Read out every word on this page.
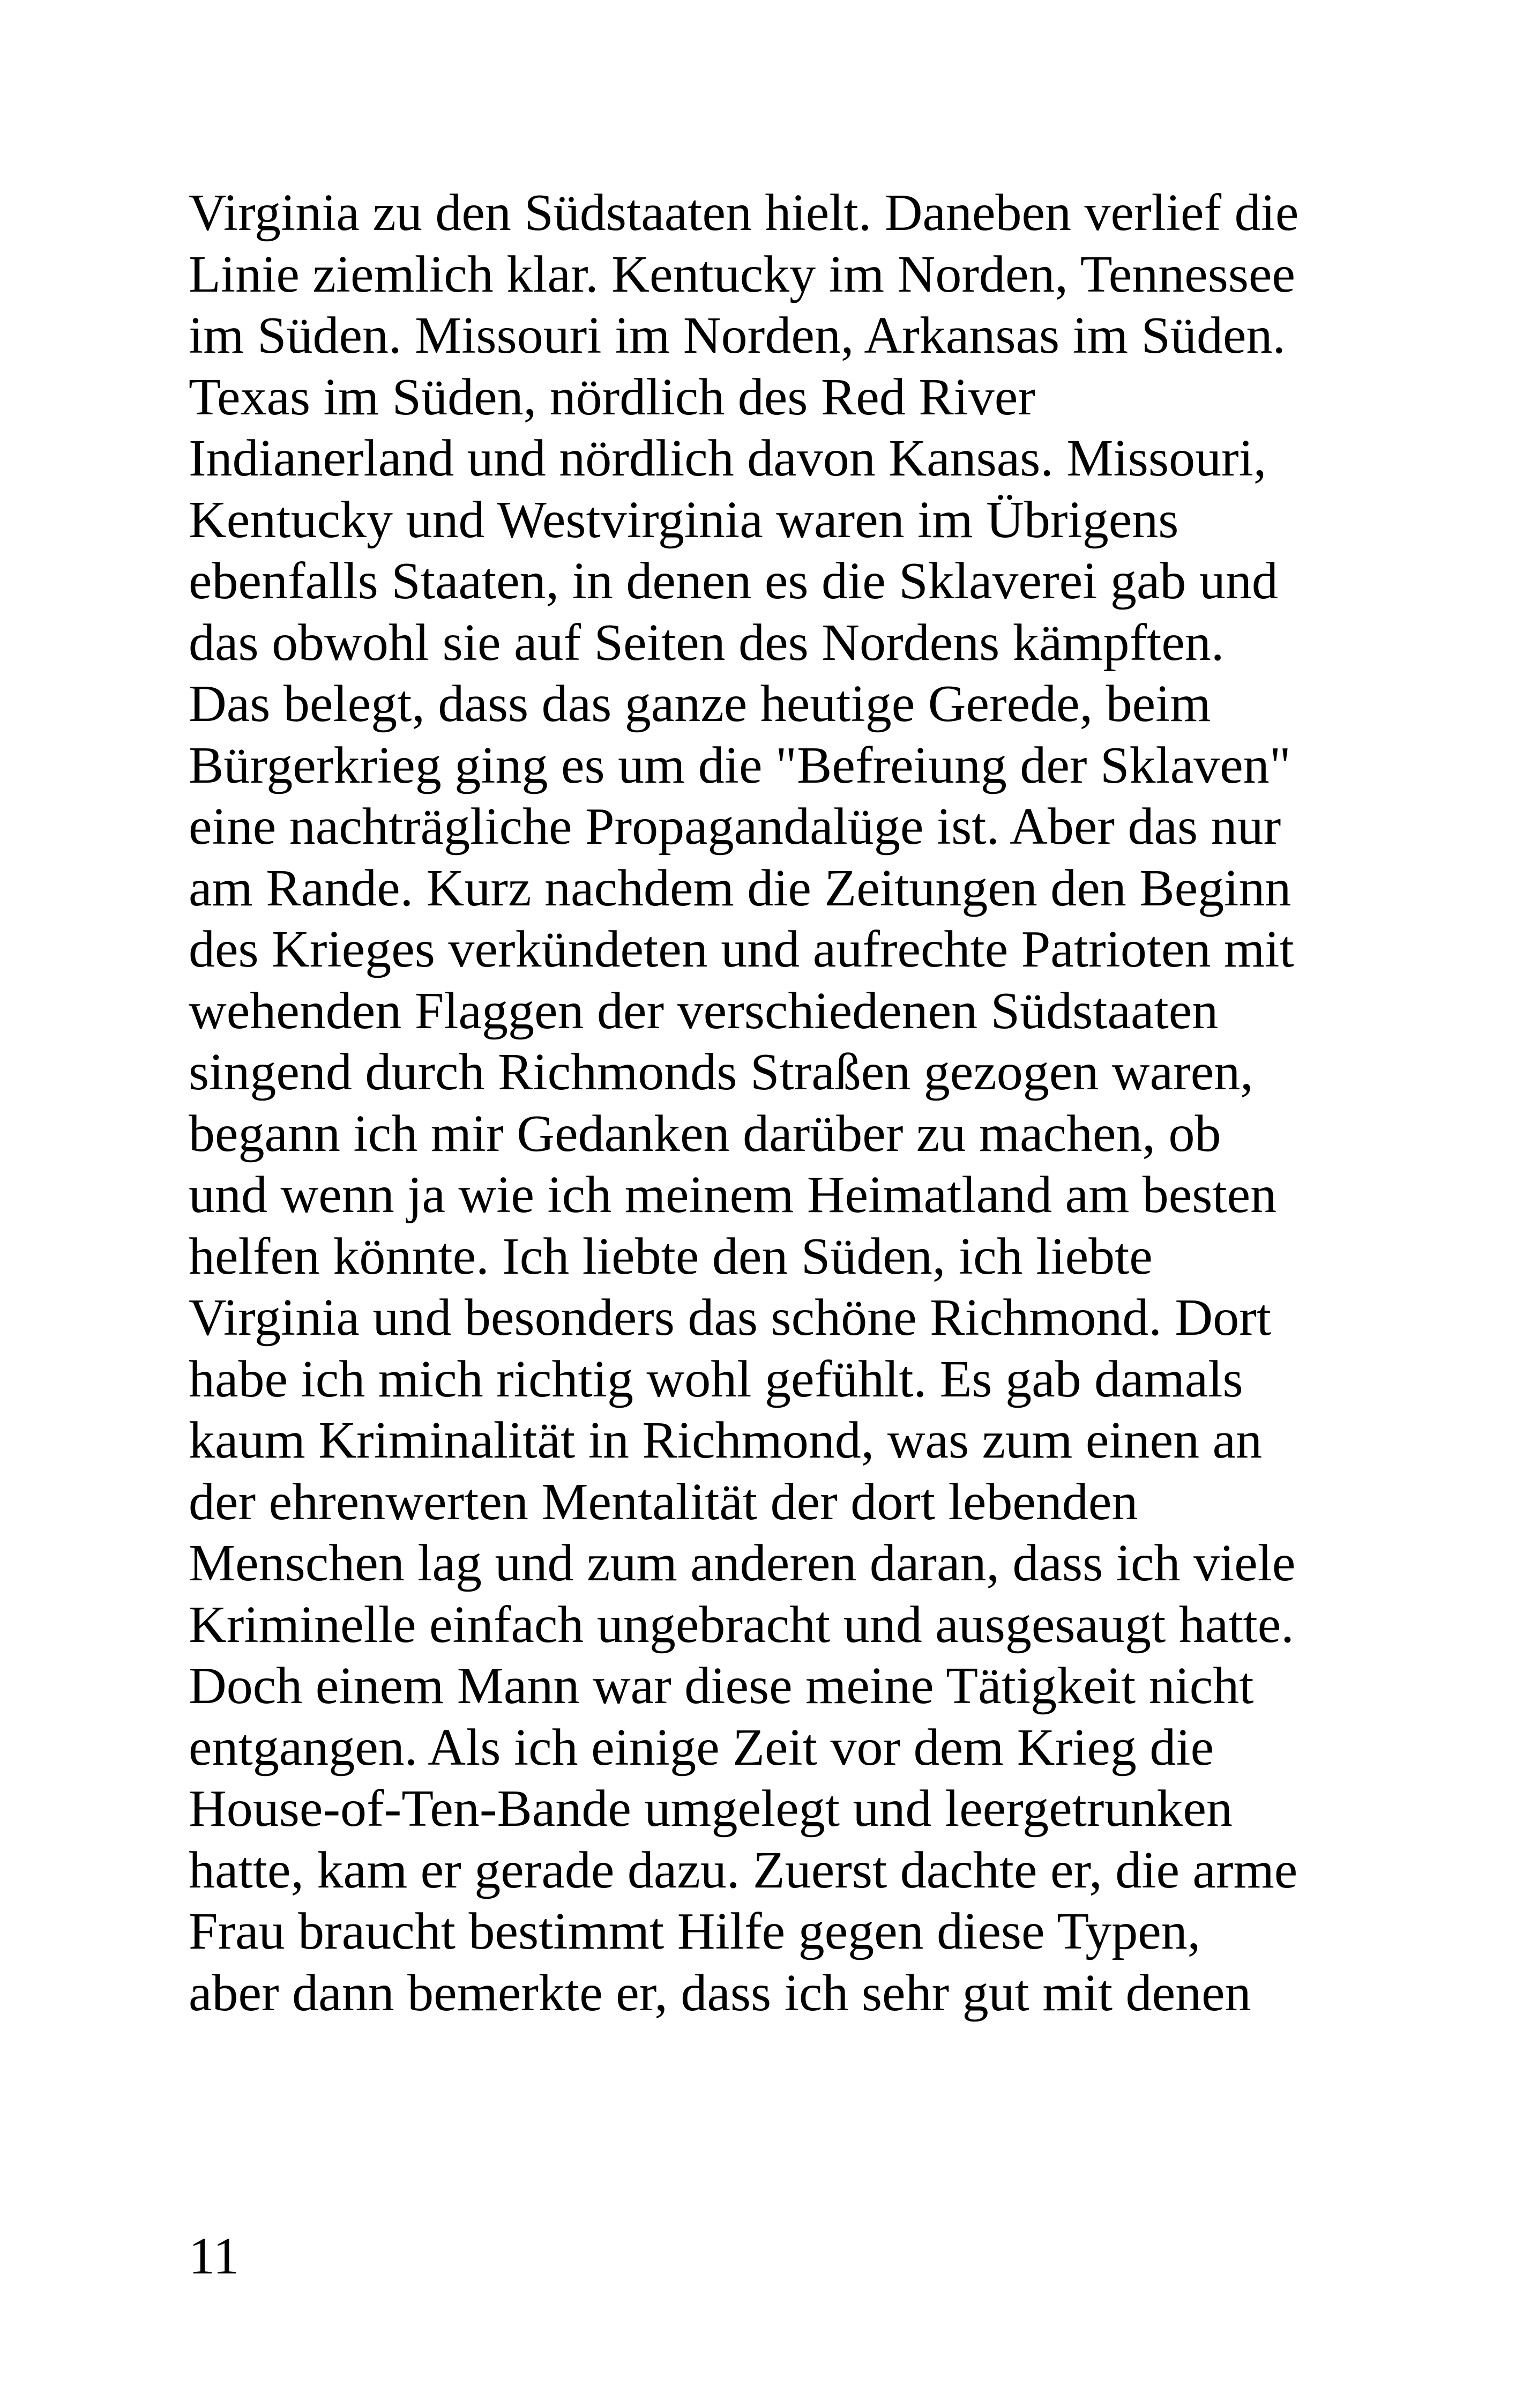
Virginia zu den Südstaaten hielt. Daneben verlief die
Linie ziemlich klar. Kentucky im Norden, Tennessee
im Süden. Missouri im Norden, Arkansas im Süden.
Texas im Süden, nördlich des Red River
Indianerland und nördlich davon Kansas. Missouri,
Kentucky und Westvirginia waren im Übrigens
ebenfalls Staaten, in denen es die Sklaverei gab und
das obwohl sie auf Seiten des Nordens kämpften.
Das belegt, dass das ganze heutige Gerede, beim
Bürgerkrieg ging es um die "Befreiung der Sklaven"
eine nachträgliche Propagandalüge ist. Aber das nur
am Rande. Kurz nachdem die Zeitungen den Beginn
des Krieges verkündeten und aufrechte Patrioten mit
wehenden Flaggen der verschiedenen Südstaaten
singend durch Richmonds Straßen gezogen waren,
begann ich mir Gedanken darüber zu machen, ob
und wenn ja wie ich meinem Heimatland am besten
helfen könnte. Ich liebte den Süden, ich liebte
Virginia und besonders das schöne Richmond. Dort
habe ich mich richtig wohl gefühlt. Es gab damals
kaum Kriminalität in Richmond, was zum einen an
der ehrenwerten Mentalität der dort lebenden
Menschen lag und zum anderen daran, dass ich viele
Kriminelle einfach ungebracht und ausgesaugt hatte.
Doch einem Mann war diese meine Tätigkeit nicht
entgangen. Als ich einige Zeit vor dem Krieg die
House-of-Ten-Bande umgelegt und leergetrunken
hatte, kam er gerade dazu. Zuerst dachte er, die arme
Frau braucht bestimmt Hilfe gegen diese Typen,
aber dann bemerkte er, dass ich sehr gut mit denen
11
